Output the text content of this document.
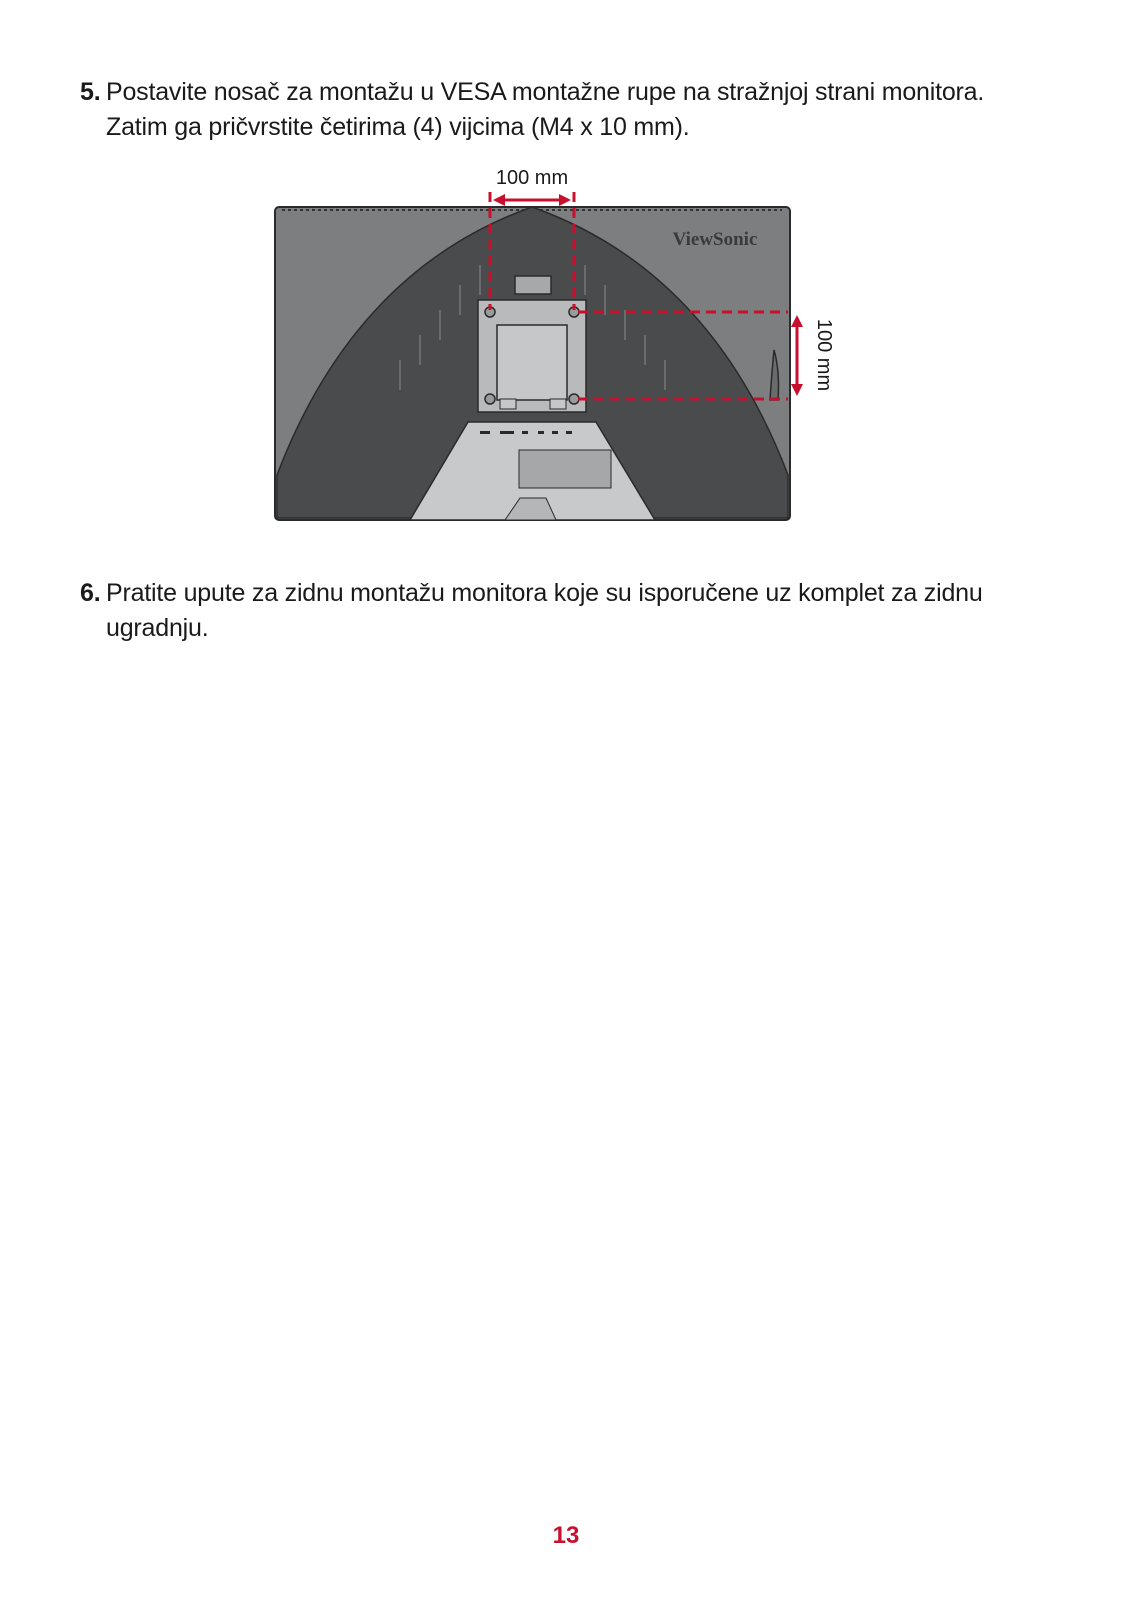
5. Postavite nosač za montažu u VESA montažne rupe na stražnjoj strani monitora.
Zatim ga pričvrstite četirima (4) vijcima (M4 x 10 mm).
ViewSonic
100 mm
100 mm
6. Pratite upute za zidnu montažu monitora koje su isporučene uz komplet za zidnu
ugradnju.
13
